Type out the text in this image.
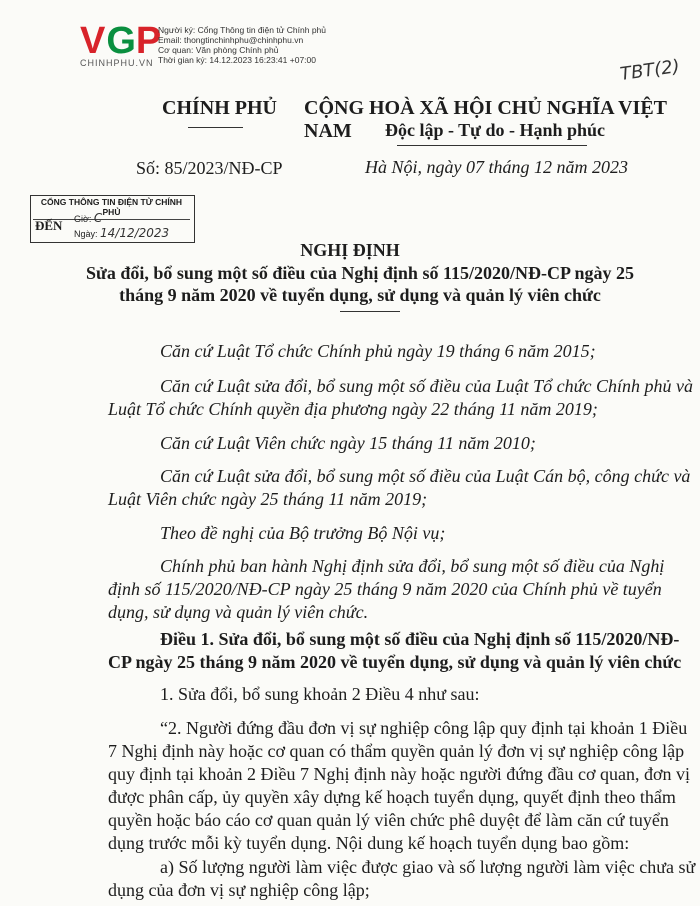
VGP
CHINHPHU.VN
Người ký: Cổng Thông tin điện tử Chính phủ
Email: thongtinchinhphu@chinhphu.vn
Cơ quan: Văn phòng Chính phủ
Thời gian ký: 14.12.2023 16:23:41 +07:00	TBT(2)
CHÍNH PHỦ CỘNG HOÀ XÃ HỘI CHỦ NGHĨA VIỆT NAM	Độc lập - Tự do - Hạnh phúc
Số: 85/2023/NĐ-CP	Hà Nội, ngày 07 tháng 12 năm 2023
CỔNG THÔNG TIN ĐIỆN TỬ CHÍNH PHỦ
ĐẾN Giờ: C
Ngày: 14/12/2023
NGHỊ ĐỊNH
Sửa đổi, bổ sung một số điều của Nghị định số 115/2020/NĐ-CP ngày 25 tháng 9 năm 2020 về tuyển dụng, sử dụng và quản lý viên chức
Căn cứ Luật Tổ chức Chính phủ ngày 19 tháng 6 năm 2015;
Căn cứ Luật sửa đổi, bổ sung một số điều của Luật Tổ chức Chính phủ và Luật Tổ chức Chính quyền địa phương ngày 22 tháng 11 năm 2019;
Căn cứ Luật Viên chức ngày 15 tháng 11 năm 2010;
Căn cứ Luật sửa đổi, bổ sung một số điều của Luật Cán bộ, công chức và Luật Viên chức ngày 25 tháng 11 năm 2019;
Theo đề nghị của Bộ trưởng Bộ Nội vụ;
Chính phủ ban hành Nghị định sửa đổi, bổ sung một số điều của Nghị định số 115/2020/NĐ-CP ngày 25 tháng 9 năm 2020 của Chính phủ về tuyển dụng, sử dụng và quản lý viên chức.
Điều 1. Sửa đổi, bổ sung một số điều của Nghị định số 115/2020/NĐ-CP ngày 25 tháng 9 năm 2020 về tuyển dụng, sử dụng và quản lý viên chức
1. Sửa đổi, bổ sung khoản 2 Điều 4 như sau:
“2. Người đứng đầu đơn vị sự nghiệp công lập quy định tại khoản 1 Điều 7 Nghị định này hoặc cơ quan có thẩm quyền quản lý đơn vị sự nghiệp công lập quy định tại khoản 2 Điều 7 Nghị định này hoặc người đứng đầu cơ quan, đơn vị được phân cấp, ủy quyền xây dựng kế hoạch tuyển dụng, quyết định theo thẩm quyền hoặc báo cáo cơ quan quản lý viên chức phê duyệt để làm căn cứ tuyển dụng trước mỗi kỳ tuyển dụng. Nội dung kế hoạch tuyển dụng bao gồm:
a) Số lượng người làm việc được giao và số lượng người làm việc chưa sử dụng của đơn vị sự nghiệp công lập;
